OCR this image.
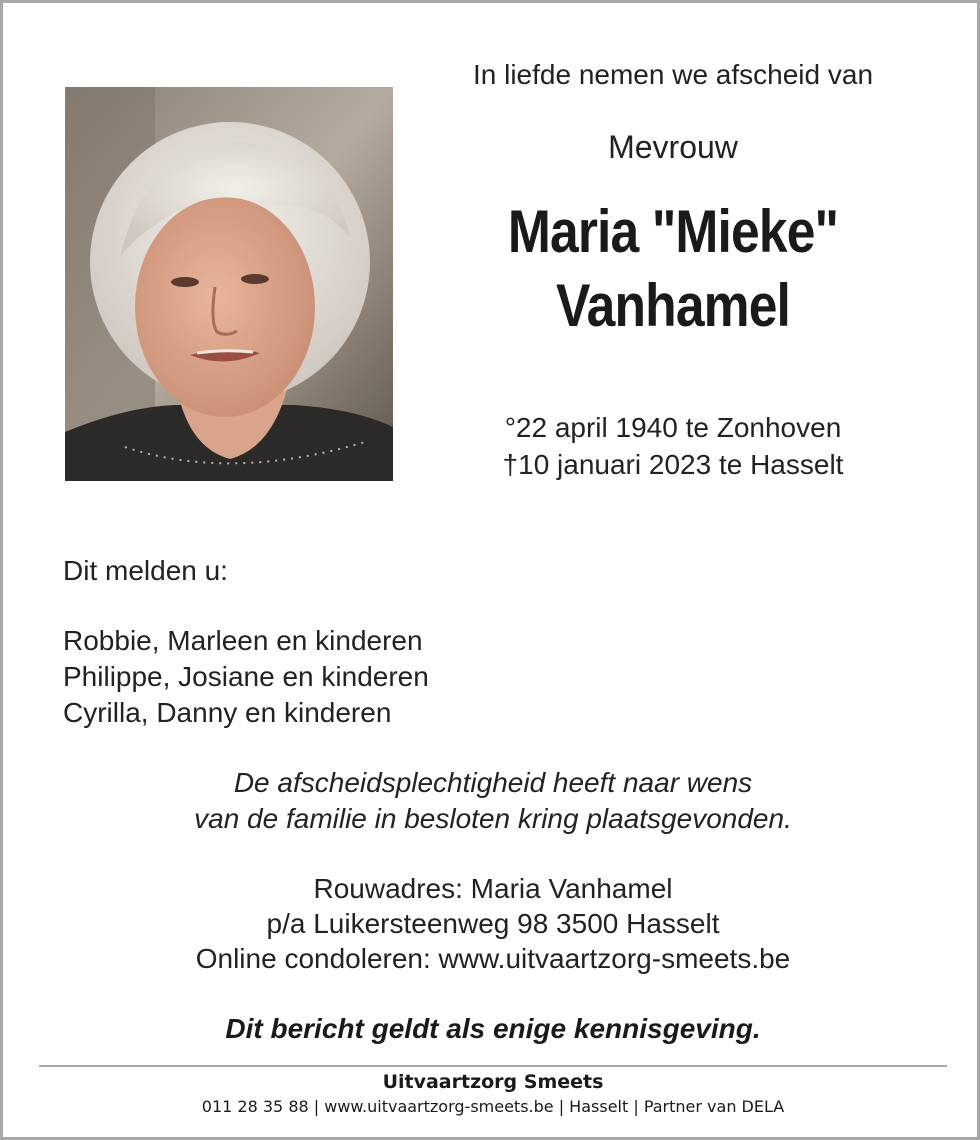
In liefde nemen we afscheid van
Mevrouw
Maria "Mieke"
Vanhamel
°22 april 1940 te Zonhoven
†10 januari 2023 te Hasselt
Dit melden u:
Robbie, Marleen en kinderen
Philippe, Josiane en kinderen
Cyrilla, Danny en kinderen
De afscheidsplechtigheid heeft naar wens
van de familie in besloten kring plaatsgevonden.
Rouwadres: Maria Vanhamel
p/a Luikersteenweg 98 3500 Hasselt
Online condoleren: www.uitvaartzorg-smeets.be
Dit bericht geldt als enige kennisgeving.
Uitvaartzorg Smeets
011 28 35 88 | www.uitvaartzorg-smeets.be | Hasselt | Partner van DELA
